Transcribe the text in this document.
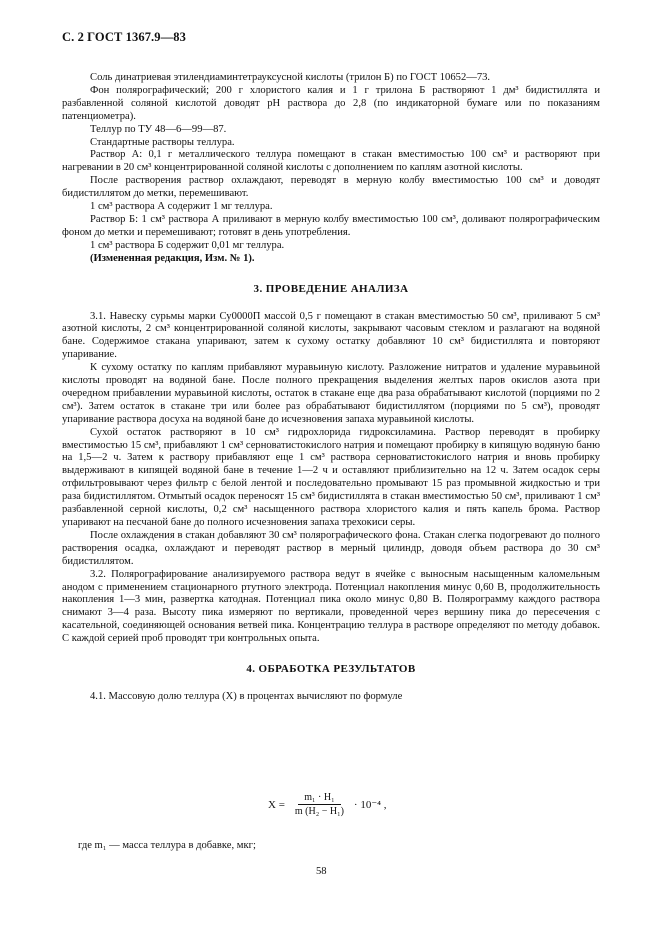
С. 2 ГОСТ 1367.9—83

Соль динатриевая этилендиаминтетрауксусной кислоты (трилон Б) по ГОСТ 10652—73.

Фон полярографический; 200 г хлористого калия и 1 г трилона Б растворяют 1 дм³ бидистиллята и разбавленной соляной кислотой доводят pH раствора до 2,8 (по индикаторной бумаге или по показаниям патенциометра).

Теллур по ТУ 48—6—99—87.

Стандартные растворы теллура.

Раствор А: 0,1 г металлического теллура помещают в стакан вместимостью 100 см³ и растворяют при нагревании в 20 см³ концентрированной соляной кислоты с дополнением по каплям азотной кислоты.

После растворения раствор охлаждают, переводят в мерную колбу вместимостью 100 см³ и доводят бидистиллятом до метки, перемешивают.

1 см³ раствора А содержит 1 мг теллура.

Раствор Б: 1 см³ раствора А приливают в мерную колбу вместимостью 100 см³, доливают полярографическим фоном до метки и перемешивают; готовят в день употребления.

1 см³ раствора Б содержит 0,01 мг теллура.

(Измененная редакция, Изм. № 1).

3. ПРОВЕДЕНИЕ АНАЛИЗА

3.1. Навеску сурьмы марки Су0000П массой 0,5 г помещают в стакан вместимостью 50 см³, приливают 5 см³ азотной кислоты, 2 см³ концентрированной соляной кислоты, закрывают часовым стеклом и разлагают на водяной бане. Содержимое стакана упаривают, затем к сухому остатку добавляют 10 см³ бидистиллята и повторяют упаривание.

К сухому остатку по каплям прибавляют муравьиную кислоту. Разложение нитратов и удаление муравьиной кислоты проводят на водяной бане. После полного прекращения выделения желтых паров окислов азота при очередном прибавлении муравьиной кислоты, остаток в стакане еще два раза обрабатывают кислотой (порциями по 2 см³). Затем остаток в стакане три или более раз обрабатывают бидистиллятом (порциями по 5 см³), проводят упаривание раствора досуха на водяной бане до исчезновения запаха муравьиной кислоты.

Сухой остаток растворяют в 10 см³ гидрохлорида гидроксиламина. Раствор переводят в пробирку вместимостью 15 см³, прибавляют 1 см³ серноватистокислого натрия и помещают пробирку в кипящую водяную баню на 1,5—2 ч. Затем к раствору прибавляют еще 1 см³ раствора серноватистокислого натрия и вновь пробирку выдерживают в кипящей водяной бане в течение 1—2 ч и оставляют приблизительно на 12 ч. Затем осадок серы отфильтровывают через фильтр с белой лентой и последовательно промывают 15 раз промывной жидкостью и три раза бидистиллятом. Отмытый осадок переносят 15 см³ бидистиллята в стакан вместимостью 50 см³, приливают 1 см³ разбавленной серной кислоты, 0,2 см³ насыщенного раствора хлористого калия и пять капель брома. Раствор упаривают на песчаной бане до полного исчезновения запаха трехокиси серы.

После охлаждения в стакан добавляют 30 см³ полярографического фона. Стакан слегка подогревают до полного растворения осадка, охлаждают и переводят раствор в мерный цилиндр, доводя объем раствора до 30 см³ бидистиллятом.

3.2. Полярографирование анализируемого раствора ведут в ячейке с выносным насыщенным каломельным анодом с применением стационарного ртутного электрода. Потенциал накопления минус 0,60 В, продолжительность накопления 1—3 мин, развертка катодная. Потенциал пика около минус 0,80 В. Полярограмму каждого раствора снимают 3—4 раза. Высоту пика измеряют по вертикали, проведенной через вершину пика до пересечения с касательной, соединяющей основания ветвей пика. Концентрацию теллура в растворе определяют по методу добавок. С каждой серией проб проводят три контрольных опыта.

4. ОБРАБОТКА РЕЗУЛЬТАТОВ

4.1. Массовую долю теллура (X) в процентах вычисляют по формуле

$X = \frac{\text{m₁ · H₁}}{\text{m (H₂ − H₁)}} \cdot 10^{-4}$ ,
где m₁ — масса теллура в добавке, мкг;
58
